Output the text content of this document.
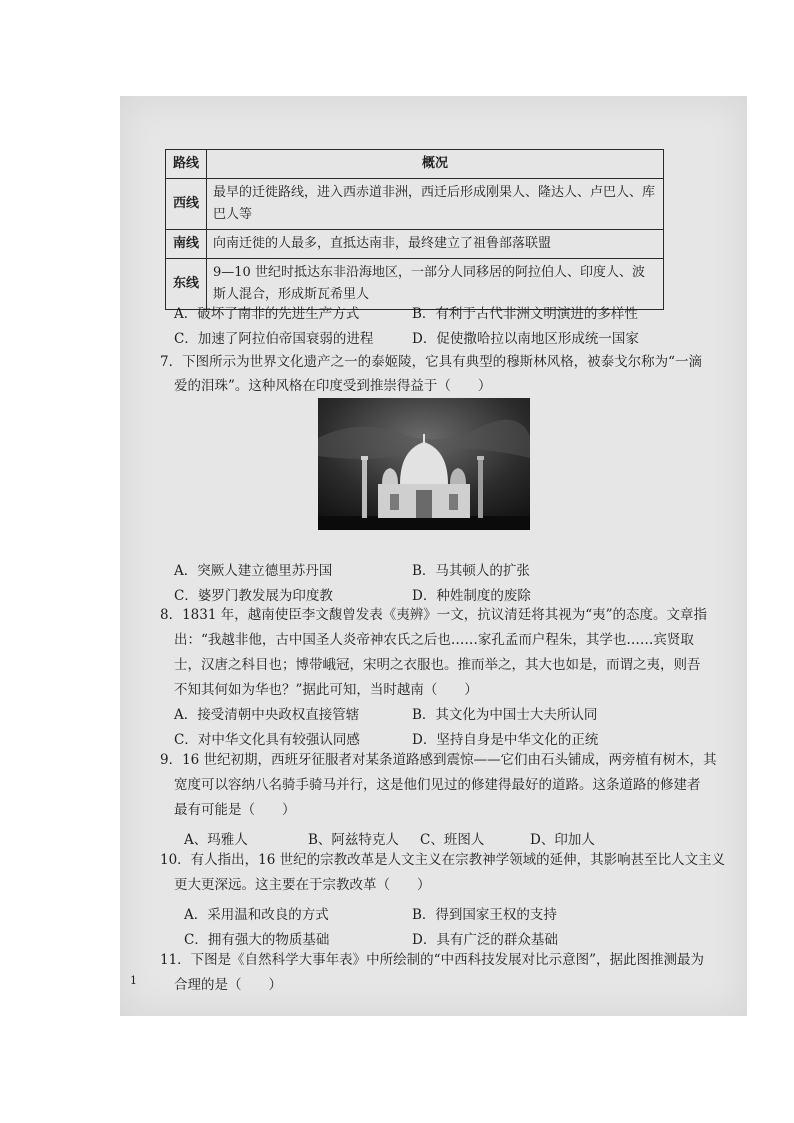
路线	概况
西线	最早的迁徙路线，进入西赤道非洲，西迁后形成刚果人、隆达人、卢巴人、库巴人等
南线	向南迁徙的人最多，直抵达南非，最终建立了祖鲁部落联盟
东线	9—10 世纪时抵达东非沿海地区，一部分人同移居的阿拉伯人、印度人、波斯人混合，形成斯瓦希里人
A．破坏了南非的先进生产方式	B．有利于古代非洲文明演进的多样性
C．加速了阿拉伯帝国衰弱的进程	D．促使撒哈拉以南地区形成统一国家
7．下图所示为世界文化遗产之一的泰姬陵，它具有典型的穆斯林风格，被泰戈尔称为“一滴
爱的泪珠”。这种风格在印度受到推崇得益于（　　）
A．突厥人建立德里苏丹国	B．马其顿人的扩张
C．婆罗门教发展为印度教	D．种姓制度的废除
8．1831 年，越南使臣李文馥曾发表《夷辨》一文，抗议清廷将其视为“夷”的态度。文章指
出：“我越非他，古中国圣人炎帝神农氏之后也……家孔孟而户程朱，其学也……宾贤取
士，汉唐之科目也；博带峨冠，宋明之衣服也。推而举之，其大也如是，而谓之夷，则吾
不知其何如为华也？”据此可知，当时越南（　　）
A．接受清朝中央政权直接管辖	B．其文化为中国士大夫所认同
C．对中华文化具有较强认同感	D．坚持自身是中华文化的正统
9．16 世纪初期，西班牙征服者对某条道路感到震惊——它们由石头铺成，两旁植有树木，其
宽度可以容纳八名骑手骑马并行，这是他们见过的修建得最好的道路。这条道路的修建者
最有可能是（　　）
A、玛雅人	B、阿兹特克人 C、班图人	D、印加人
10．有人指出，16 世纪的宗教改革是人文主义在宗教神学领域的延伸，其影响甚至比人文主义
更大更深远。这主要在于宗教改革（　　）
A．采用温和改良的方式	B．得到国家王权的支持
C．拥有强大的物质基础	D．具有广泛的群众基础
11．下图是《自然科学大事年表》中所绘制的“中西科技发展对比示意图”，据此图推测最为
合理的是（　　）
1
